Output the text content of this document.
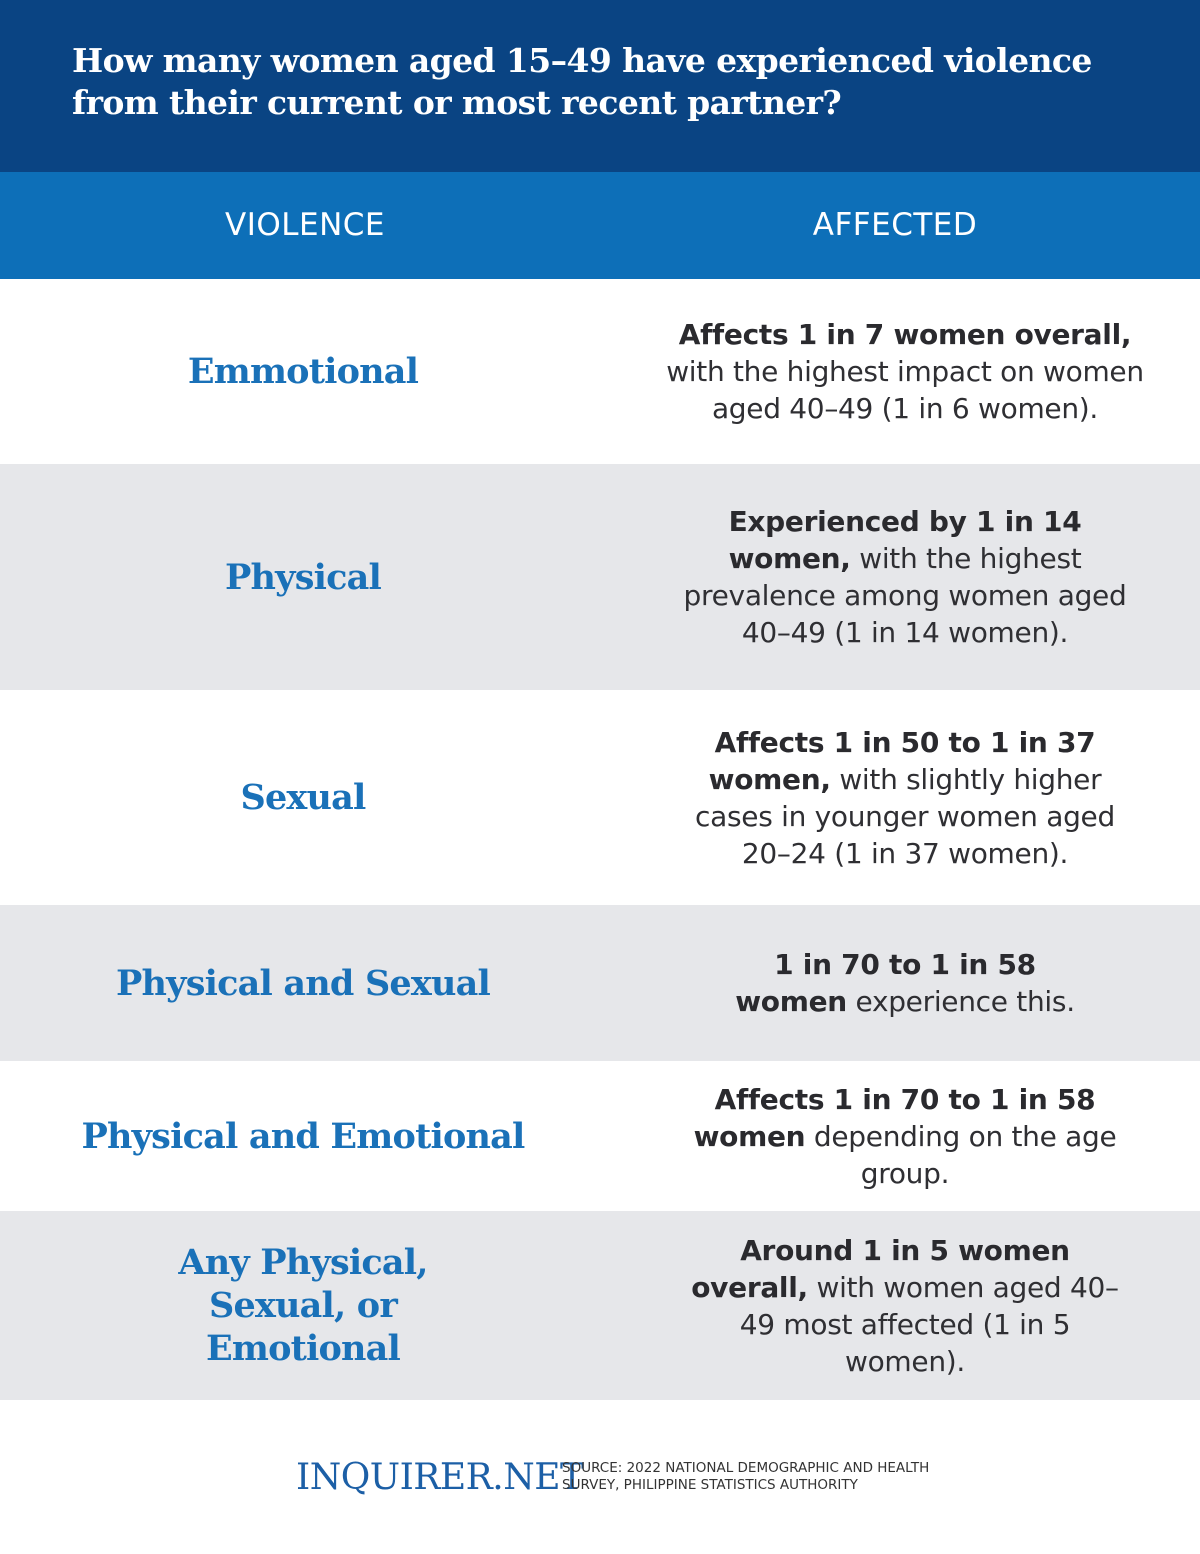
How many women aged 15–49 have experienced violence from their current or most recent partner?
VIOLENCE	AFFECTED
Emmotional
Affects 1 in 7 women overall, with the highest impact on women aged 40–49 (1 in 6 women).
Physical
Experienced by 1 in 14 women, with the highest prevalence among women aged 40–49 (1 in 14 women).
Sexual
Affects 1 in 50 to 1 in 37 women, with slightly higher cases in younger women aged 20–24 (1 in 37 women).
Physical and Sexual	1 in 70 to 1 in 58 women experience this.
Physical and Emotional
Affects 1 in 70 to 1 in 58 women depending on the age group.
Any Physical, Sexual, or Emotional
Around 1 in 5 women overall, with women aged 40–49 most affected (1 in 5 women).
INQUIRER.NET
SOURCE: 2022 NATIONAL DEMOGRAPHIC AND HEALTH
SURVEY, PHILIPPINE STATISTICS AUTHORITY
